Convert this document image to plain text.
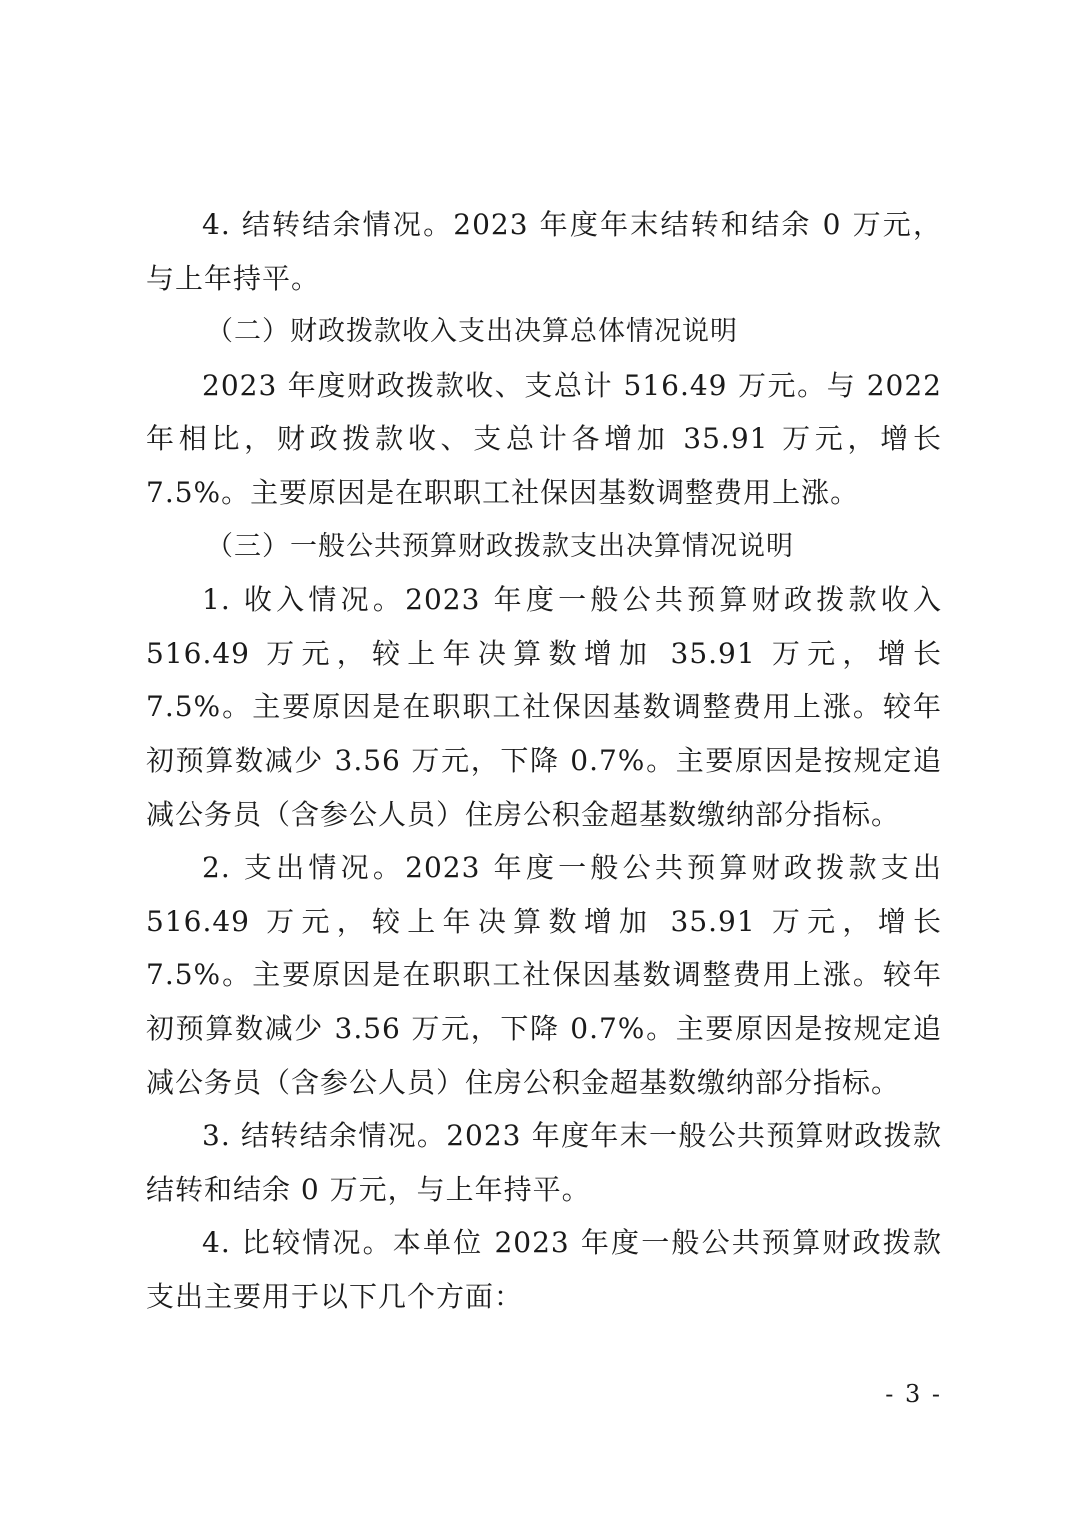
4. 结转结余情况。2023 年度年末结转和结余 0 万元，与上年持平。

（二）财政拨款收入支出决算总体情况说明

2023 年度财政拨款收、支总计 516.49 万元。与 2022 年相比，财政拨款收、支总计各增加 35.91 万元，增长 7.5%。主要原因是在职职工社保因基数调整费用上涨。

（三）一般公共预算财政拨款支出决算情况说明

1. 收入情况。2023 年度一般公共预算财政拨款收入 516.49 万元，较上年决算数增加 35.91 万元，增长 7.5%。主要原因是在职职工社保因基数调整费用上涨。较年初预算数减少 3.56 万元，下降 0.7%。主要原因是按规定追减公务员（含参公人员）住房公积金超基数缴纳部分指标。

2. 支出情况。2023 年度一般公共预算财政拨款支出 516.49 万元，较上年决算数增加 35.91 万元，增长 7.5%。主要原因是在职职工社保因基数调整费用上涨。较年初预算数减少 3.56 万元，下降 0.7%。主要原因是按规定追减公务员（含参公人员）住房公积金超基数缴纳部分指标。

3. 结转结余情况。2023 年度年末一般公共预算财政拨款结转和结余 0 万元，与上年持平。

4. 比较情况。本单位 2023 年度一般公共预算财政拨款支出主要用于以下几个方面：

- 3 -
